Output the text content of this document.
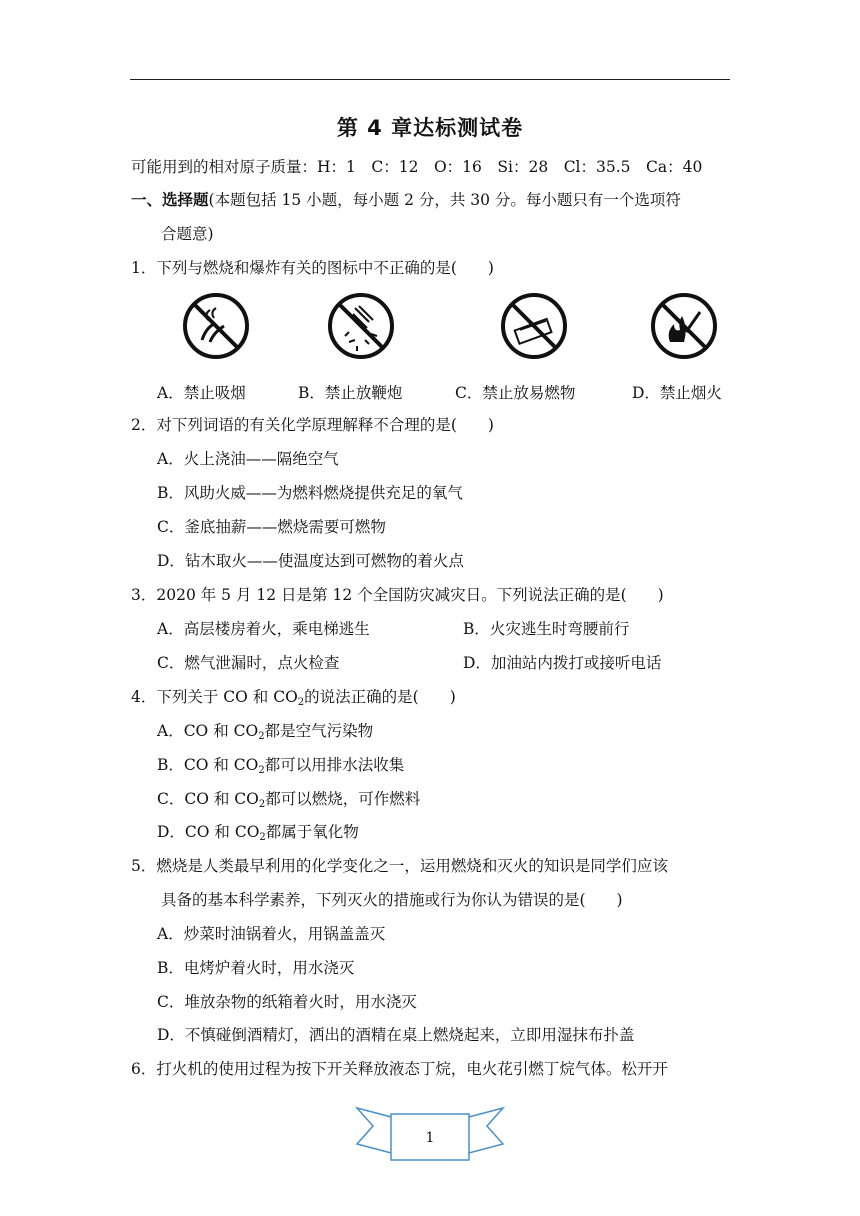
第 4 章达标测试卷
可能用到的相对原子质量：H：1　C：12　O：16　Si：28　Cl：35.5　Ca：40
一、选择题(本题包括 15 小题，每小题 2 分，共 30 分。每小题只有一个选项符
合题意)
1．下列与燃烧和爆炸有关的图标中不正确的是(　　)
A．禁止吸烟	B．禁止放鞭炮	C．禁止放易燃物	D．禁止烟火
2．对下列词语的有关化学原理解释不合理的是(　　)
A．火上浇油——隔绝空气
B．风助火威——为燃料燃烧提供充足的氧气
C．釜底抽薪——燃烧需要可燃物
D．钻木取火——使温度达到可燃物的着火点
3．2020 年 5 月 12 日是第 12 个全国防灾减灾日。下列说法正确的是(　　)
A．高层楼房着火，乘电梯逃生	B．火灾逃生时弯腰前行
C．燃气泄漏时，点火检查	D．加油站内拨打或接听电话
4．下列关于 CO 和 $CO_2$的说法正确的是(　　)
A．CO 和 $CO_2$都是空气污染物
B．CO 和 $CO_2$都可以用排水法收集
C．CO 和 $CO_2$都可以燃烧，可作燃料
D．CO 和 $CO_2$都属于氧化物
5．燃烧是人类最早利用的化学变化之一，运用燃烧和灭火的知识是同学们应该
具备的基本科学素养，下列灭火的措施或行为你认为错误的是(　　)
A．炒菜时油锅着火，用锅盖盖灭
B．电烤炉着火时，用水浇灭
C．堆放杂物的纸箱着火时，用水浇灭
D．不慎碰倒酒精灯，洒出的酒精在桌上燃烧起来，立即用湿抹布扑盖
6．打火机的使用过程为按下开关释放液态丁烷，电火花引燃丁烷气体。松开开
1
